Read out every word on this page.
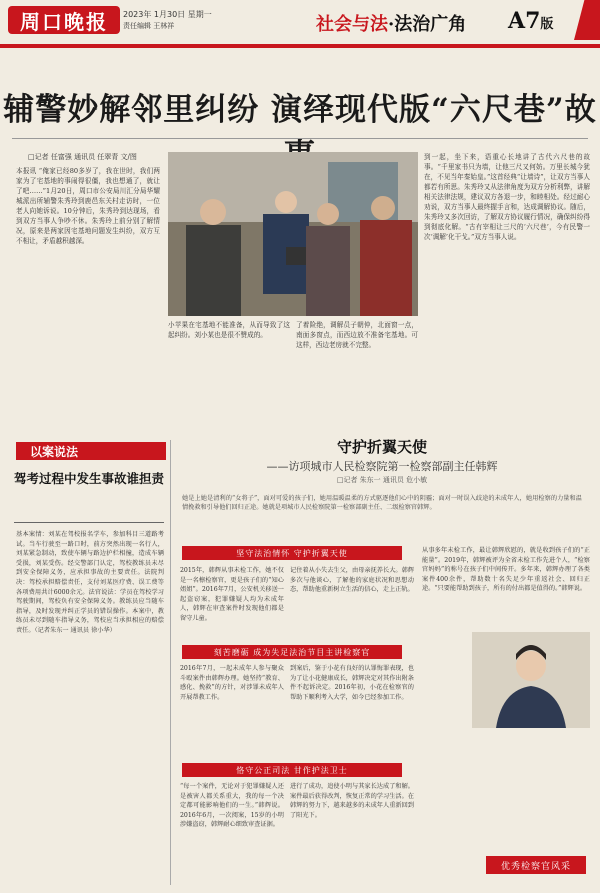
周口晚报	2023年 1月30日 星期一
责任编辑 王林祥	社会与法·法治广角 A7版
辅警妙解邻里纠纷 演绎现代版“六尺巷”故
□记者 任富强 通讯员 任翠青 文/图
本报讯 “俺家已经80多岁了，我在世时，我们两家为了宅基地的事闹得很僵，我也想通了，就让了吧……”1月20日，周口市公安局川汇分局华耀城派出所辅警朱秀玲到鹿邑东关村走访时，一位老人向她诉说。10分钟后，朱秀玲到达现场，看到双方当事人争吵不休。朱秀玲上前分别了解情况，原来是两家因宅基地问题发生纠纷，双方互不相让，矛盾越积越深。
小苹果在宅基地不能准备，从而导致了这起纠纷。刘小某也是很不赞成的。
了着险绝，调解员子朝仲，北面窗一点，南面多窗点，而西边放不准备宅基地。可这样，西边老房就不完整。
到一起，坐下来，语重心长地讲了古代六尺巷的故事。“千里家书只为墙，让他三尺又何妨。万里长城今犹在，不见当年秦始皇。”这首经典“让墙诗”，让双方当事人都若有所思。朱秀玲又从法律角度为双方分析利弊，讲解相关法律法规，建议双方各退一步，和睦相处。经过耐心劝说，双方当事人最终握手言和，达成调解协议。随后，朱秀玲又多次回访，了解双方协议履行情况，确保纠纷得到彻底化解。“古有宰相让三尺的‘六尺巷’，今有民警一次‘调解’化干戈。”双方当事人说。
以案说法
驾考过程中发生事故谁担责
基本案情：刘某在驾校报名学车，参加科目三道路考试。当车行驶至一路口时，前方突然出现一名行人，刘某紧急制动，致使车辆与路边护栏相撞，造成车辆受损，刘某受伤。经交警部门认定，驾校教练员未尽到安全保障义务，应承担事故的主要责任。法院判决：驾校承担赔偿责任，支付刘某医疗费、误工费等各项费用共计6000余元。法官说法：学员在驾校学习驾驶期间，驾校负有安全保障义务。教练员应当随车指导，及时发现并纠正学员的错误操作。本案中，教练员未尽到随车指导义务，驾校应当承担相应的赔偿责任。（记者朱东一 通讯员 徐小华）
守护折翼天使
——访项城市人民检察院第一检察部副主任韩辉
□记者 朱东一 通讯员 危小敏
她是上她是清利的“女将子”，面对可爱的孩子们，她用温暖温柔的方式驱逐他们心中的阴霾；面对一时误入歧途的未成年人，她用检察的力量和温情挽救和引导他们回归正途。她就是项城市人民检察院第一检察部副主任、二级检察官韩辉。
坚守法治情怀 守护折翼天使
2015年，韩辉从事未检工作，她不仅是一名檩检察官，更是孩子们的“知心姐姐”。2016年7月，公安机关移送一起盗窃案，犯罪嫌疑人均为未成年人，韩辉在审查案件时发现他们都是留守儿童。
记住着从小失去生父，由母亲抚养长大。韩辉多次与他谈心，了解他的家庭状况和思想动态，帮助他重新树立生活的信心，走上正轨。
刻苦磨砺 成为失足法治节目主讲检察官
2016年7月，一起未成年人参与聚众斗殴案件由韩辉办理。她坚持“教育、感化、挽救”的方针，对涉罪未成年人开展帮教工作。
到案后，鉴于小花有良好的认罪悔罪表现，也为了让小花健康成长，韩辉决定对其作出附条件不起诉决定。2016年初，小花在检察官的帮助下顺利考入大学，如今已经参加工作。
恪守公正司法 甘作护法卫士
“每一个案件，无论对于犯罪嫌疑人还是被害人都关系重大，我的每一个决定都可能影响他们的一生。”韩辉说。2016年6月，一次阅案，15岁的小明涉嫌盗窃，韩辉耐心细致审查证据。
进行了成功，追使小明与其家长达成了和解。案件最后获得改判，恢复正常的学习生活。在韩辉的努力下，越来越多的未成年人重新回到了阳光下。
从事多年未检工作，最让韩辉欣慰的，就是收到孩子们的“正能量”。2019年，韩辉被评为全省未检工作先进个人，“检察官妈妈”的称号在孩子们中间传开。多年来，韩辉办理了各类案件400余件，帮助数十名失足少年重返社会、回归正途。“只要能帮助到孩子，所有的付出都是值得的。”韩辉说。
优秀检察官风采
